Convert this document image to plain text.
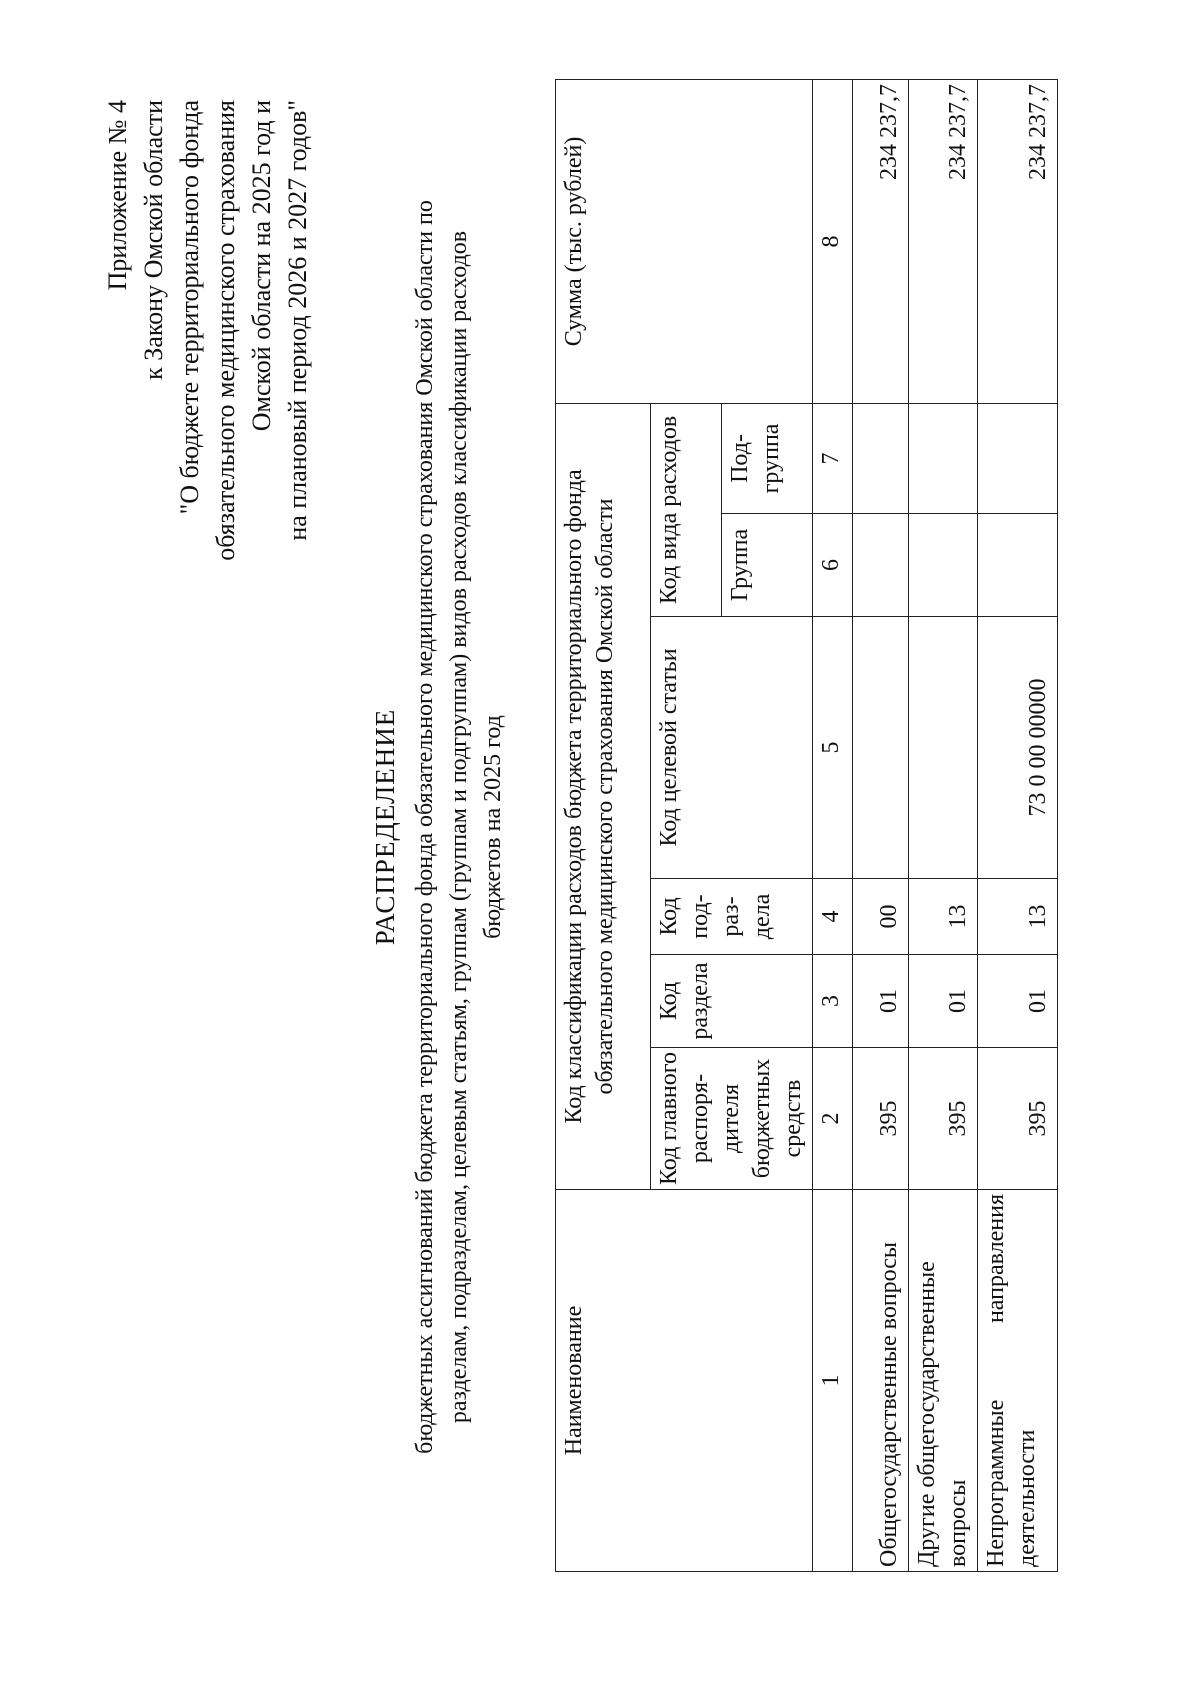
Приложение № 4 к Закону Омской области "О бюджете территориального фонда обязательного медицинского страхования Омской области на 2025 год и на плановый период 2026 и 2027 годов"
РАСПРЕДЕЛЕНИЕ бюджетных ассигнований бюджета территориального фонда обязательного медицинского страхования Омской области по разделам, подразделам, целевым статьям, группам (группам и подгруппам) видов расходов классификации расходов бюджетов на 2025 год
Наименование	Код классификации расходов бюджета территориального фонда обязательного медицинского страхования Омской области						Сумма (тыс. рублей)
	Код главного распоря-дителя бюджетных средств	Код раздела	Код под-раз-дела	Код целевой статьи	Код вида расходов		
					Группа	Под-группа	
1	2	3	4	5	6	7	8
Общегосударственные вопросы	395	01	00				234 237,7
Другие общегосударственные вопросы	395	01	13				234 237,7

Непрограммные
направления
деятельности	395	01	13	73 0 00 00000			234 237,7
